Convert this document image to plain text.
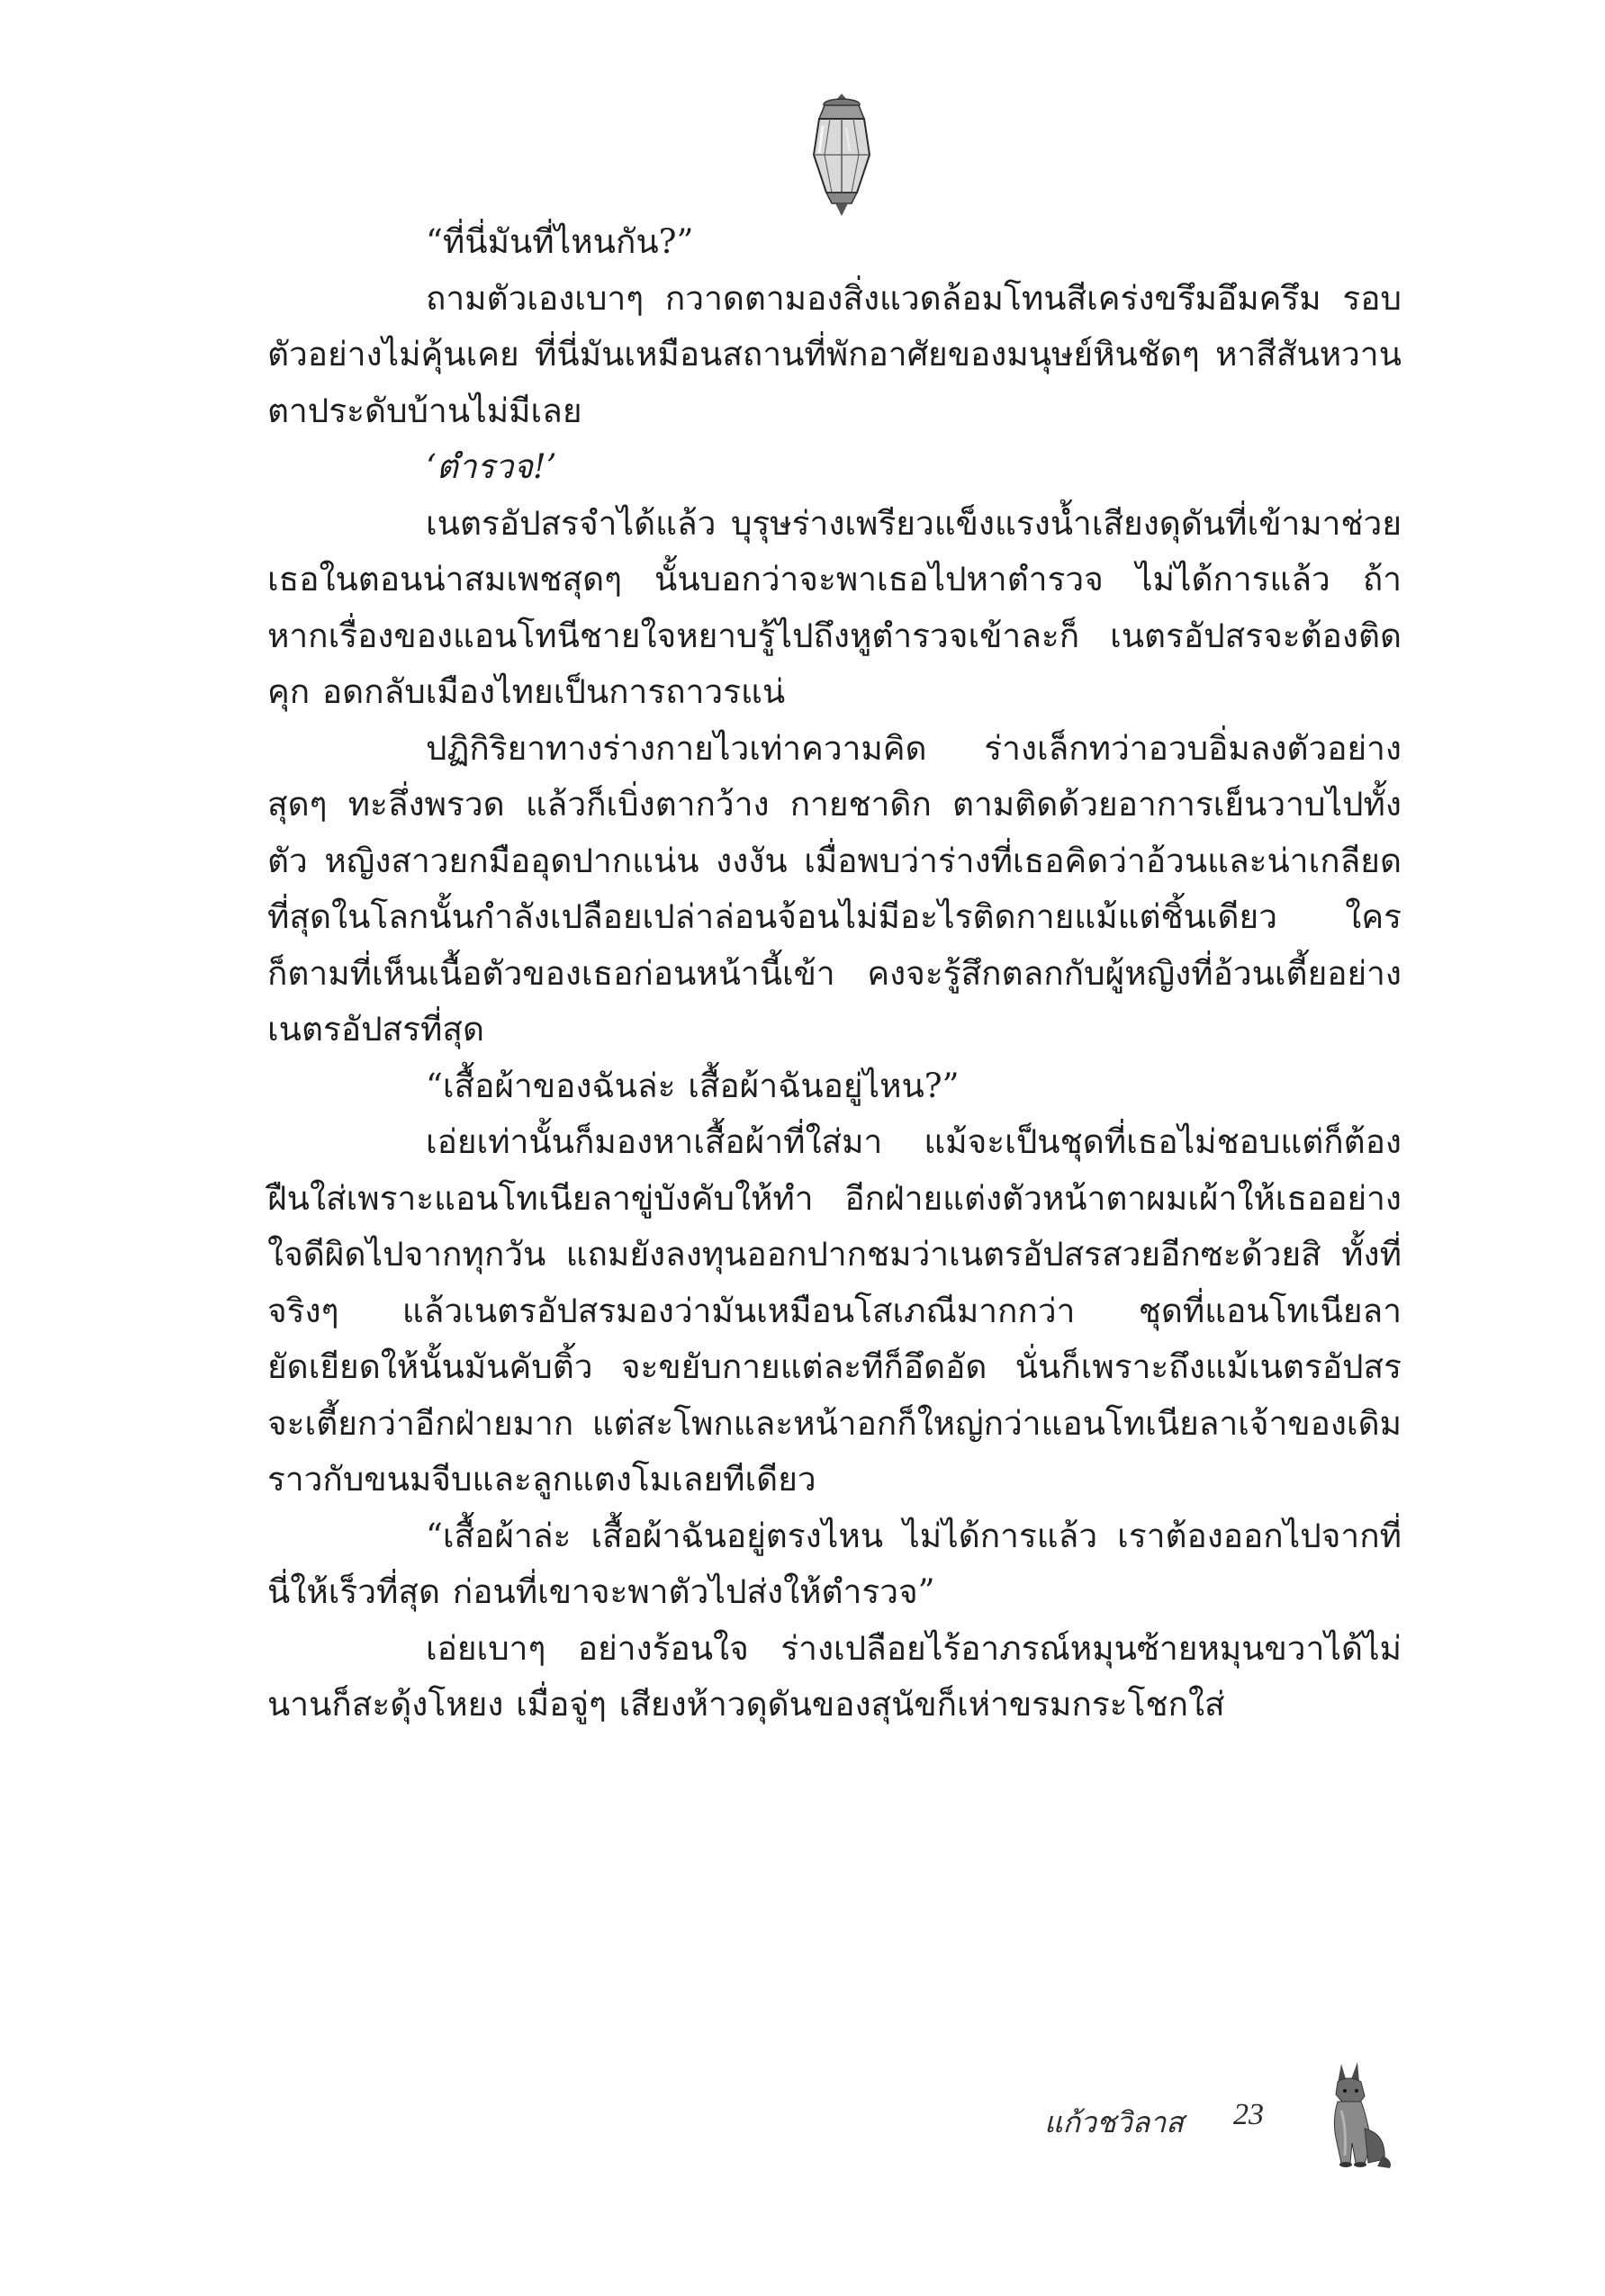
“ที่นี่มันที่ไหนกัน?”

ถามตัวเองเบาๆ กวาดตามองสิ่งแวดล้อมโทนสีเคร่งขรึมอึมครึม รอบตัวอย่างไม่คุ้นเคย ที่นี่มันเหมือนสถานที่พักอาศัยของมนุษย์หินชัดๆ หาสีสันหวานตาประดับบ้านไม่มีเลย

‘ตำรวจ!’

เนตรอัปสรจำได้แล้ว บุรุษร่างเพรียวแข็งแรงน้ำเสียงดุดันที่เข้ามาช่วยเธอในตอนน่าสมเพชสุดๆ นั้นบอกว่าจะพาเธอไปหาตำรวจ ไม่ได้การแล้ว ถ้าหากเรื่องของแอนโทนีชายใจหยาบรู้ไปถึงหูตำรวจเข้าละก็ เนตรอัปสรจะต้องติดคุก อดกลับเมืองไทยเป็นการถาวรแน่

ปฏิกิริยาทางร่างกายไวเท่าความคิด ร่างเล็กทว่าอวบอิ่มลงตัวอย่างสุดๆ ทะลึ่งพรวด แล้วก็เบิ่งตากว้าง กายชาดิก ตามติดด้วยอาการเย็นวาบไปทั้งตัว หญิงสาวยกมืออุดปากแน่น งงงัน เมื่อพบว่าร่างที่เธอคิดว่าอ้วนและน่าเกลียดที่สุดในโลกนั้นกำลังเปลือยเปล่าล่อนจ้อนไม่มีอะไรติดกายแม้แต่ชิ้นเดียว ใครก็ตามที่เห็นเนื้อตัวของเธอก่อนหน้านี้เข้า คงจะรู้สึกตลกกับผู้หญิงที่อ้วนเตี้ยอย่างเนตรอัปสรที่สุด

“เสื้อผ้าของฉันล่ะ เสื้อผ้าฉันอยู่ไหน?”

เอ่ยเท่านั้นก็มองหาเสื้อผ้าที่ใส่มา แม้จะเป็นชุดที่เธอไม่ชอบแต่ก็ต้องฝืนใส่เพราะแอนโทเนียลาขู่บังคับให้ทำ อีกฝ่ายแต่งตัวหน้าตาผมเผ้าให้เธออย่างใจดีผิดไปจากทุกวัน แถมยังลงทุนออกปากชมว่าเนตรอัปสรสวยอีกซะด้วยสิ ทั้งที่จริงๆ แล้วเนตรอัปสรมองว่ามันเหมือนโสเภณีมากกว่า ชุดที่แอนโทเนียลายัดเยียดให้นั้นมันคับติ้ว จะขยับกายแต่ละทีก็อึดอัด นั่นก็เพราะถึงแม้เนตรอัปสรจะเตี้ยกว่าอีกฝ่ายมาก แต่สะโพกและหน้าอกก็ใหญ่กว่าแอนโทเนียลาเจ้าของเดิมราวกับขนมจีบและลูกแตงโมเลยทีเดียว

“เสื้อผ้าล่ะ เสื้อผ้าฉันอยู่ตรงไหน ไม่ได้การแล้ว เราต้องออกไปจากที่นี่ให้เร็วที่สุด ก่อนที่เขาจะพาตัวไปส่งให้ตำรวจ”

เอ่ยเบาๆ อย่างร้อนใจ ร่างเปลือยไร้อาภรณ์หมุนซ้ายหมุนขวาได้ไม่นานก็สะดุ้งโหยง เมื่อจู่ๆ เสียงห้าวดุดันของสุนัขก็เห่าขรมกระโชกใส่

แก้วชวิลาส 23
